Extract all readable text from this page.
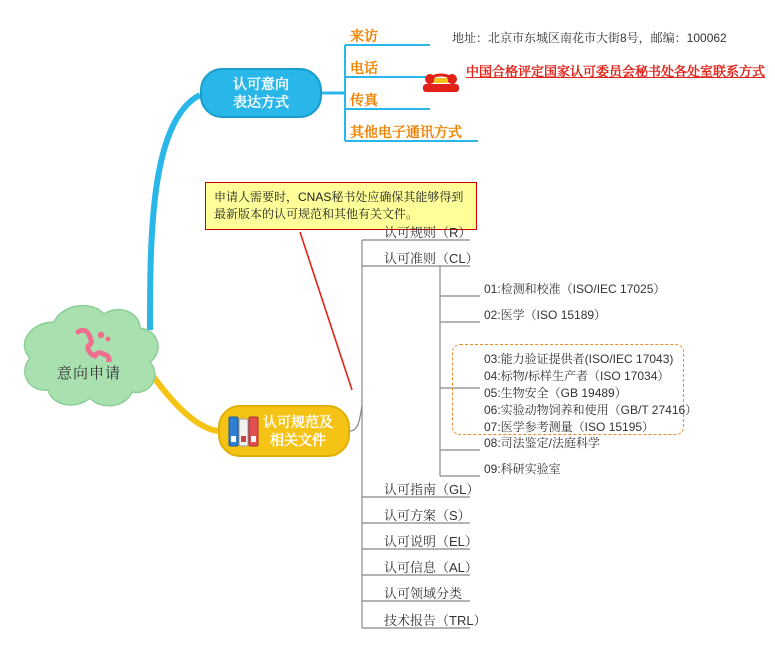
意向申请
认可意向
表达方式
来访	地址：北京市东城区南花市大街8号，邮编：100062
电话	中国合格评定国家认可委员会秘书处各处室联系方式
传真
其他电子通讯方式
申请人需要时，CNAS秘书处应确保其能够得到
最新版本的认可规范和其他有关文件。
认可规范及
相关文件
认可规则（R）
认可准则（CL）
01:检测和校准（ISO/IEC 17025）
02:医学（ISO 15189）
03:能力验证提供者(ISO/IEC 17043)
04:标物/标样生产者（ISO 17034）
05:生物安全（GB 19489）
06:实验动物饲养和使用（GB/T 27416）
07:医学参考测量（ISO 15195）
08:司法鉴定/法庭科学
09:科研实验室
认可指南（GL）
认可方案（S）
认可说明（EL）
认可信息（AL）
认可领域分类
技术报告（TRL）
